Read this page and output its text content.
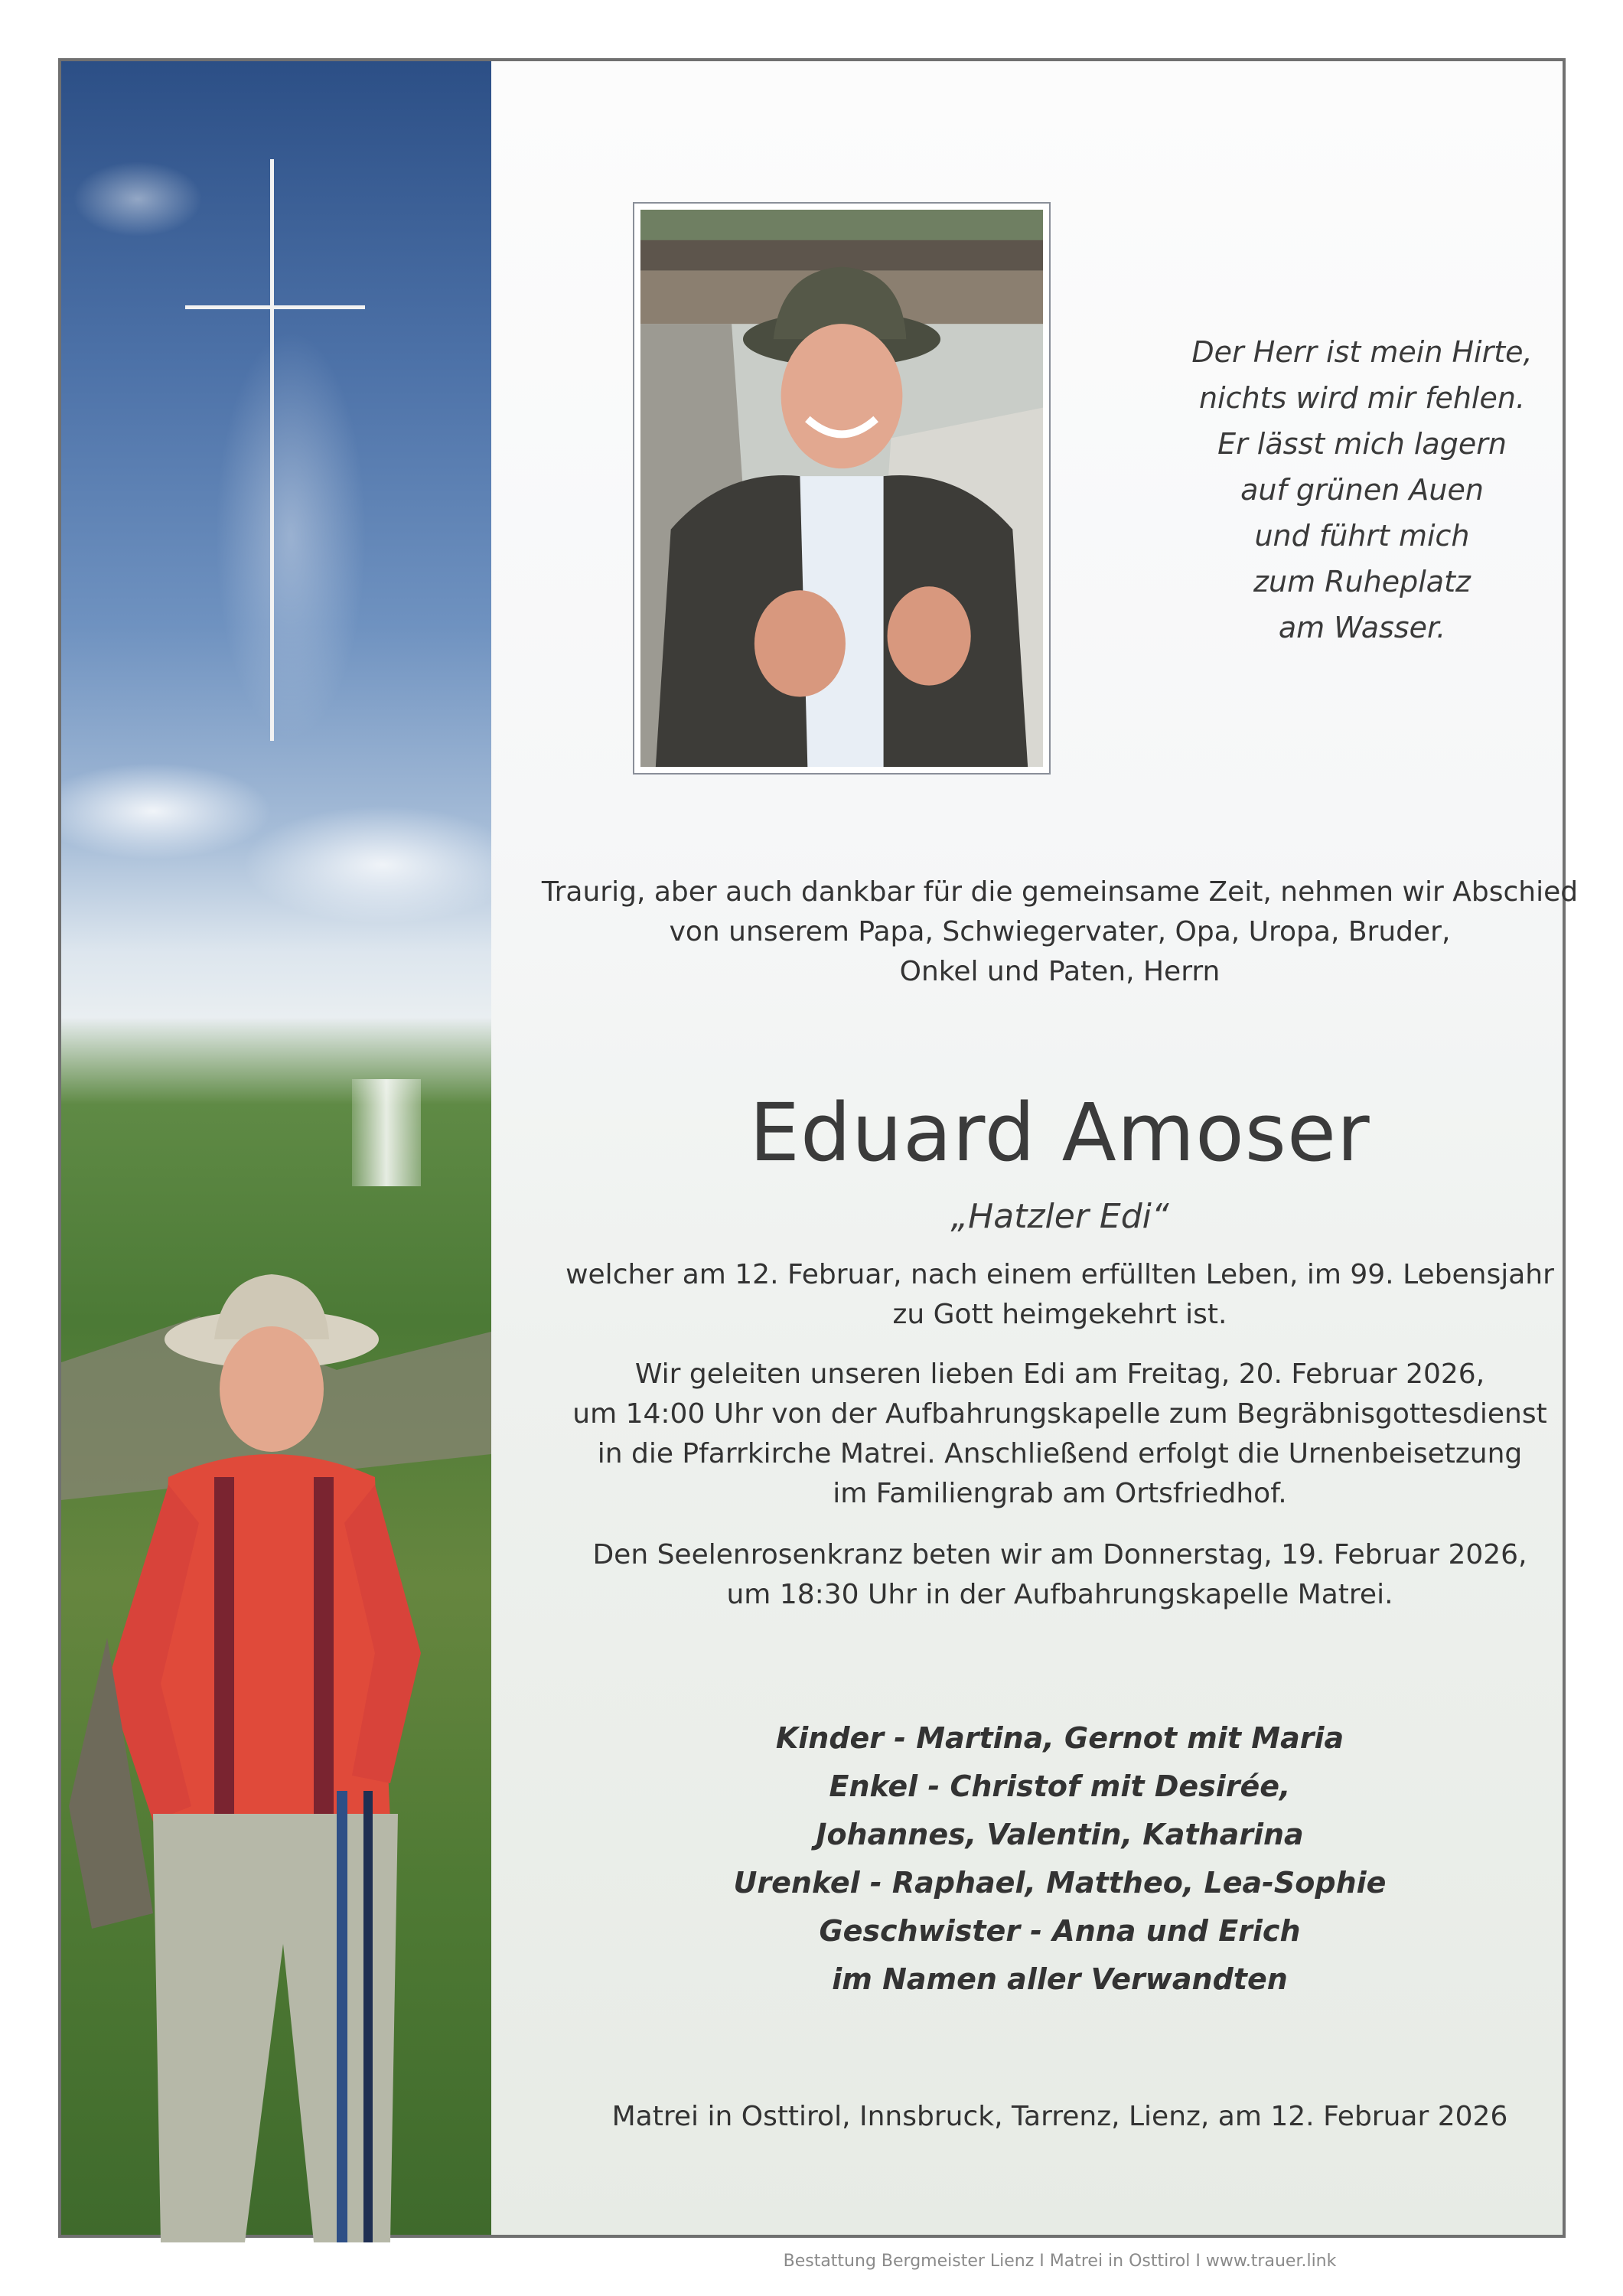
Der Herr ist mein Hirte,
nichts wird mir fehlen.
Er lässt mich lagern
auf grünen Auen
und führt mich
zum Ruheplatz
am Wasser.
Traurig, aber auch dankbar für die gemeinsame Zeit, nehmen wir Abschied
von unserem Papa, Schwiegervater, Opa, Uropa, Bruder,
Onkel und Paten, Herrn
Eduard Amoser
„Hatzler Edi“
welcher am 12. Februar, nach einem erfüllten Leben, im 99. Lebensjahr
zu Gott heimgekehrt ist.
Wir geleiten unseren lieben Edi am Freitag, 20. Februar 2026,
um 14:00 Uhr von der Aufbahrungskapelle zum Begräbnisgottesdienst
in die Pfarrkirche Matrei. Anschließend erfolgt die Urnenbeisetzung
im Familiengrab am Ortsfriedhof.
Den Seelenrosenkranz beten wir am Donnerstag, 19. Februar 2026,
um 18:30 Uhr in der Aufbahrungskapelle Matrei.
Kinder - Martina, Gernot mit Maria
Enkel - Christof mit Desirée,
Johannes, Valentin, Katharina
Urenkel - Raphael, Mattheo, Lea-Sophie
Geschwister - Anna und Erich
im Namen aller Verwandten
Matrei in Osttirol, Innsbruck, Tarrenz, Lienz, am 12. Februar 2026
Bestattung Bergmeister Lienz I Matrei in Osttirol I www.trauer.link
